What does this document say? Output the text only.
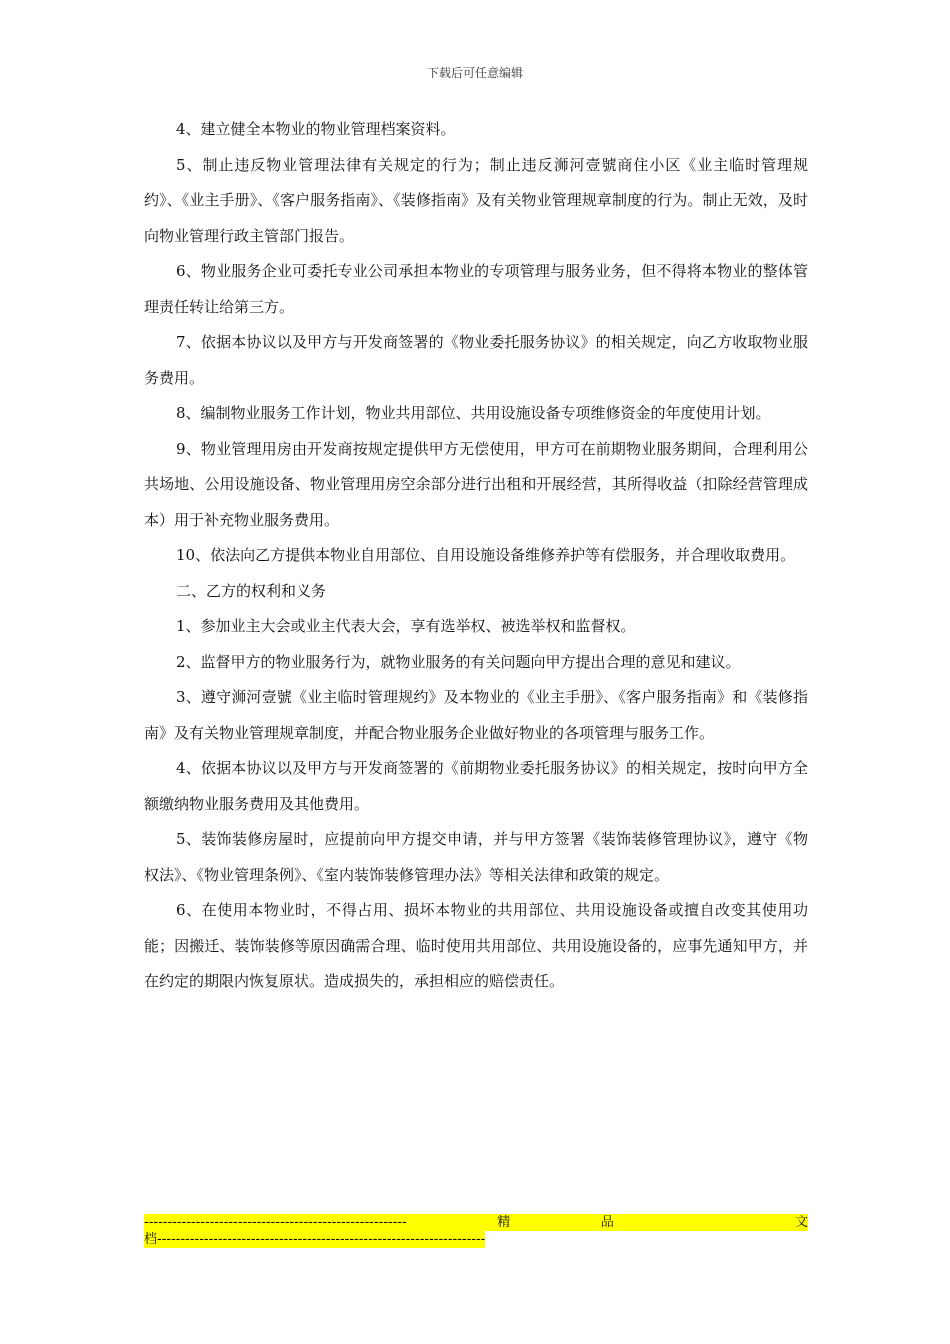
下载后可任意编辑

4、建立健全本物业的物业管理档案资料。

5、制止违反物业管理法律有关规定的行为；制止违反浉河壹號商住小区《业主临时管理规约》、《业主手册》、《客户服务指南》、《装修指南》及有关物业管理规章制度的行为。制止无效，及时向物业管理行政主管部门报告。

6、物业服务企业可委托专业公司承担本物业的专项管理与服务业务，但不得将本物业的整体管理责任转让给第三方。

7、依据本协议以及甲方与开发商签署的《物业委托服务协议》的相关规定，向乙方收取物业服务费用。

8、编制物业服务工作计划，物业共用部位、共用设施设备专项维修资金的年度使用计划。

9、物业管理用房由开发商按规定提供甲方无偿使用，甲方可在前期物业服务期间，合理利用公共场地、公用设施设备、物业管理用房空余部分进行出租和开展经营，其所得收益（扣除经营管理成本）用于补充物业服务费用。

10、依法向乙方提供本物业自用部位、自用设施设备维修养护等有偿服务，并合理收取费用。

二、乙方的权利和义务

1、参加业主大会或业主代表大会，享有选举权、被选举权和监督权。

2、监督甲方的物业服务行为，就物业服务的有关问题向甲方提出合理的意见和建议。

3、遵守浉河壹號《业主临时管理规约》及本物业的《业主手册》、《客户服务指南》和《装修指南》及有关物业管理规章制度，并配合物业服务企业做好物业的各项管理与服务工作。

4、依据本协议以及甲方与开发商签署的《前期物业委托服务协议》的相关规定，按时向甲方全额缴纳物业服务费用及其他费用。

5、装饰装修房屋时，应提前向甲方提交申请，并与甲方签署《装饰装修管理协议》，遵守《物权法》、《物业管理条例》、《室内装饰装修管理办法》等相关法律和政策的规定。

6、在使用本物业时，不得占用、损坏本物业的共用部位、共用设施设备或擅自改变其使用功能；因搬迁、装饰装修等原因确需合理、临时使用共用部位、共用设施设备的，应事先通知甲方，并在约定的期限内恢复原状。造成损失的，承担相应的赔偿责任。

--------------------------------------------------------	精	品	文
档----------------------------------------------------------------------
